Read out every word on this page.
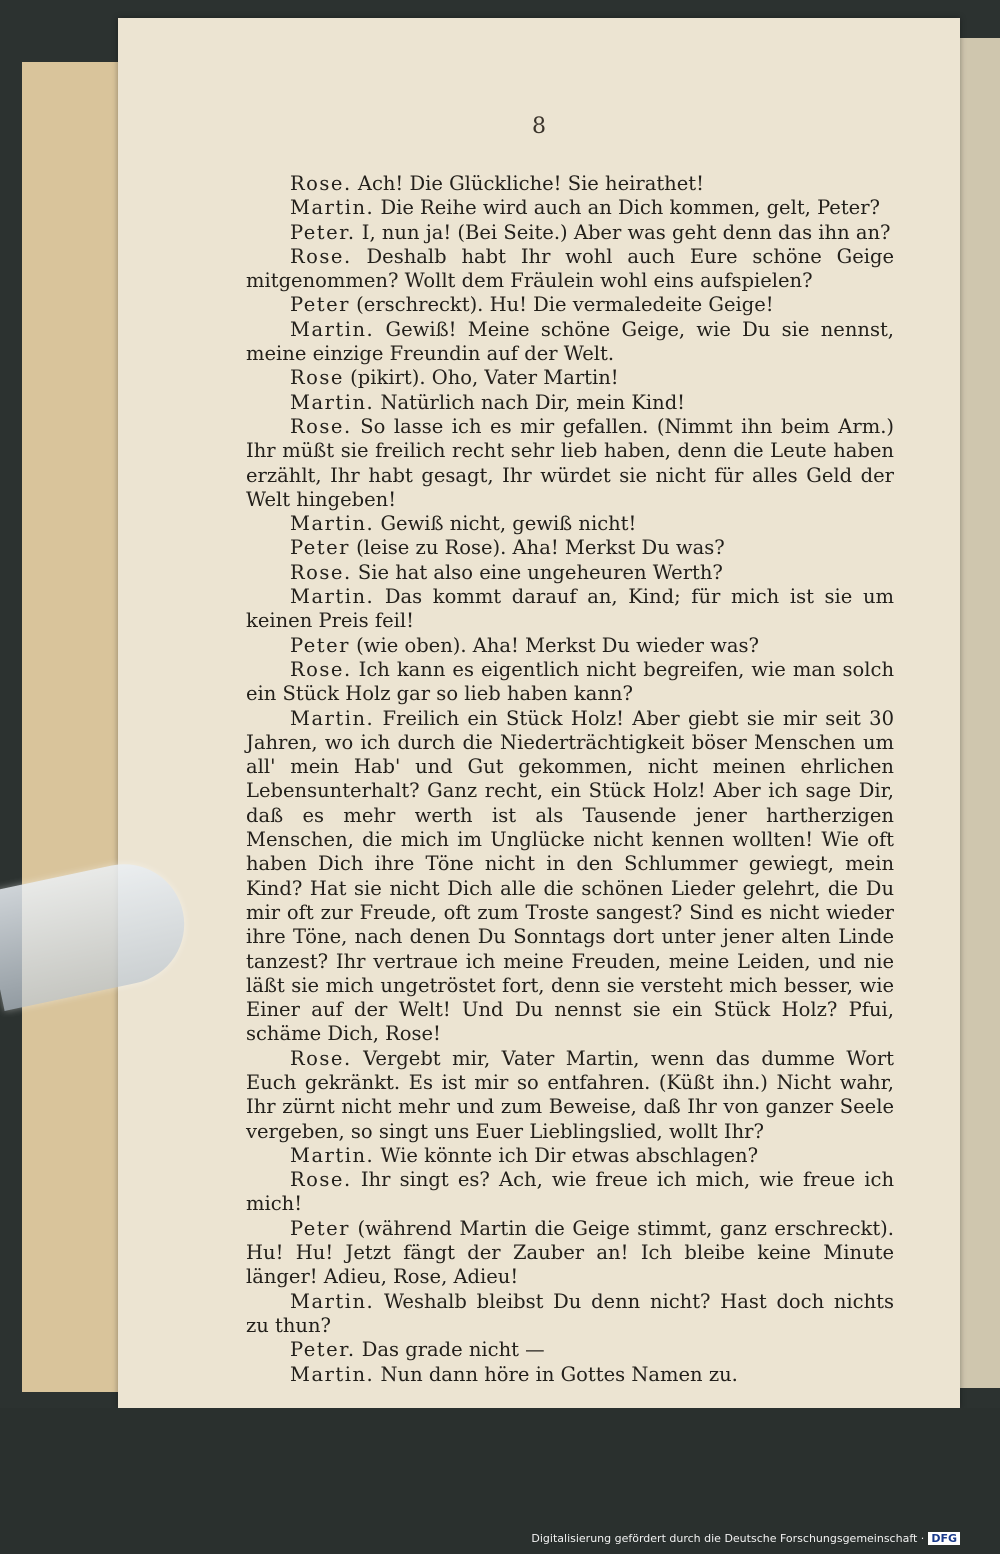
8

Rose. Ach! Die Glückliche! Sie heirathet!

Martin. Die Reihe wird auch an Dich kommen, gelt, Peter?

Peter. I, nun ja! (Bei Seite.) Aber was geht denn das ihn an?

Rose. Deshalb habt Ihr wohl auch Eure schöne Geige mitgenommen? Wollt dem Fräulein wohl eins aufspielen?

Peter (erschreckt). Hu! Die vermaledeite Geige!

Martin. Gewiß! Meine schöne Geige, wie Du sie nennst, meine einzige Freundin auf der Welt.

Rose (pikirt). Oho, Vater Martin!

Martin. Natürlich nach Dir, mein Kind!

Rose. So lasse ich es mir gefallen. (Nimmt ihn beim Arm.) Ihr müßt sie freilich recht sehr lieb haben, denn die Leute haben erzählt, Ihr habt gesagt, Ihr würdet sie nicht für alles Geld der Welt hingeben!

Martin. Gewiß nicht, gewiß nicht!

Peter (leise zu Rose). Aha! Merkst Du was?

Rose. Sie hat also eine ungeheuren Werth?

Martin. Das kommt darauf an, Kind; für mich ist sie um keinen Preis feil!

Peter (wie oben). Aha! Merkst Du wieder was?

Rose. Ich kann es eigentlich nicht begreifen, wie man solch ein Stück Holz gar so lieb haben kann?

Martin. Freilich ein Stück Holz! Aber giebt sie mir seit 30 Jahren, wo ich durch die Niederträchtigkeit böser Menschen um all' mein Hab' und Gut gekommen, nicht meinen ehrlichen Lebensunterhalt? Ganz recht, ein Stück Holz! Aber ich sage Dir, daß es mehr werth ist als Tausende jener hartherzigen Menschen, die mich im Unglücke nicht kennen wollten! Wie oft haben Dich ihre Töne nicht in den Schlummer gewiegt, mein Kind? Hat sie nicht Dich alle die schönen Lieder gelehrt, die Du mir oft zur Freude, oft zum Troste sangest? Sind es nicht wieder ihre Töne, nach denen Du Sonntags dort unter jener alten Linde tanzest? Ihr vertraue ich meine Freuden, meine Leiden, und nie läßt sie mich ungetröstet fort, denn sie versteht mich besser, wie Einer auf der Welt! Und Du nennst sie ein Stück Holz? Pfui, schäme Dich, Rose!

Rose. Vergebt mir, Vater Martin, wenn das dumme Wort Euch gekränkt. Es ist mir so entfahren. (Küßt ihn.) Nicht wahr, Ihr zürnt nicht mehr und zum Beweise, daß Ihr von ganzer Seele vergeben, so singt uns Euer Lieblingslied, wollt Ihr?

Martin. Wie könnte ich Dir etwas abschlagen?

Rose. Ihr singt es? Ach, wie freue ich mich, wie freue ich mich!

Peter (während Martin die Geige stimmt, ganz erschreckt). Hu! Hu! Jetzt fängt der Zauber an! Ich bleibe keine Minute länger! Adieu, Rose, Adieu!

Martin. Weshalb bleibst Du denn nicht? Hast doch nichts zu thun?

Peter. Das grade nicht —

Martin. Nun dann höre in Gottes Namen zu.

Digitalisierung gefördert durch die Deutsche Forschungsgemeinschaft · DFG
